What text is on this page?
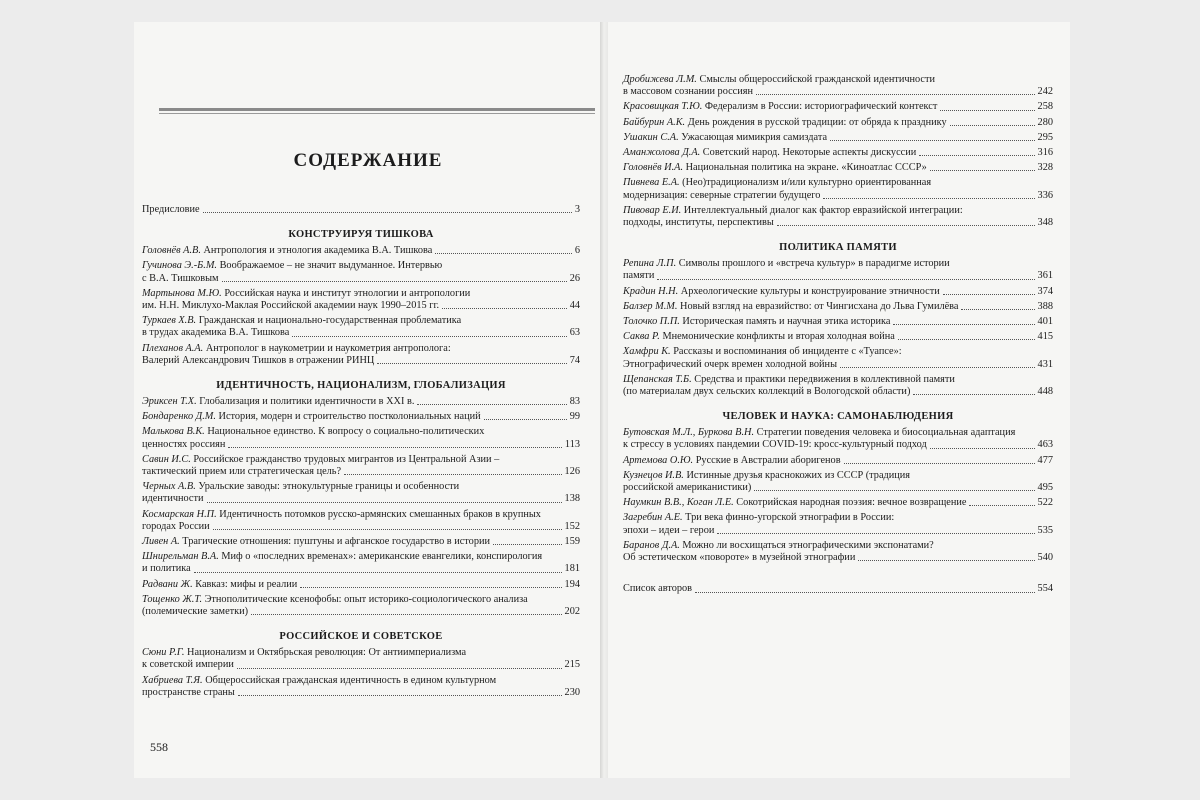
СОДЕРЖАНИЕ
Предисловие	3
КОНСТРУИРУЯ ТИШКОВА
Головнёв А.В. Антропология и этнология академика В.А. Тишкова	6
Гучинова Э.-Б.М. Воображаемое – не значит выдуманное. Интервью
с В.А. Тишковым	26
Мартынова М.Ю. Российская наука и институт этнологии и антропологии
им. Н.Н. Миклухо-Маклая Российской академии наук 1990–2015 гг.	44
Туркаев Х.В. Гражданская и национально-государственная проблематика
в трудах академика В.А. Тишкова	63
Плеханов А.А. Антрополог в наукометрии и наукометрия антрополога:
Валерий Александрович Тишков в отражении РИНЦ	74
ИДЕНТИЧНОСТЬ, НАЦИОНАЛИЗМ, ГЛОБАЛИЗАЦИЯ
Эриксен Т.Х. Глобализация и политики идентичности в XXI в.	83
Бондаренко Д.М. История, модерн и строительство постколониальных наций	99
Малькова В.К. Национальное единство. К вопросу о социально-политических
ценностях россиян	113
Савин И.С. Российское гражданство трудовых мигрантов из Центральной Азии –
тактический прием или стратегическая цель?	126
Черных А.В. Уральские заводы: этнокультурные границы и особенности
идентичности	138
Космарская Н.П. Идентичность потомков русско-армянских смешанных браков в крупных
городах России	152
Ливен А. Трагические отношения: пуштуны и афганское государство в истории	159
Шнирельман В.А. Миф о «последних временах»: американские евангелики, конспирология
и политика	181
Радвани Ж. Кавказ: мифы и реалии	194
Тощенко Ж.Т. Этнополитические ксенофобы: опыт историко-социологического анализа
(полемические заметки)	202
РОССИЙСКОЕ И СОВЕТСКОЕ
Сюни Р.Г. Национализм и Октябрьская революция: От антиимпериализма
к советской империи	215
Хабриева Т.Я. Общероссийская гражданская идентичность в едином культурном
пространстве страны	230
558
Дробижева Л.М. Смыслы общероссийской гражданской идентичности
в массовом сознании россиян	242
Красовицкая Т.Ю. Федерализм в России: историографический контекст	258
Байбурин А.К. День рождения в русской традиции: от обряда к празднику	280
Ушакин С.А. Ужасающая мимикрия самиздата	295
Аманжолова Д.А. Советский народ. Некоторые аспекты дискуссии	316
Головнёв И.А. Национальная политика на экране. «Киноатлас СССР»	328
Пивнева Е.А. (Нео)традиционализм и/или культурно ориентированная
модернизация: северные стратегии будущего	336
Пивовар Е.И. Интеллектуальный диалог как фактор евразийской интеграции:
подходы, институты, перспективы	348
ПОЛИТИКА ПАМЯТИ
Репина Л.П. Символы прошлого и «встреча культур» в парадигме истории
памяти	361
Крадин Н.Н. Археологические культуры и конструирование этничности	374
Балзер М.М. Новый взгляд на евразийство: от Чингисхана до Льва Гумилёва	388
Толочко П.П. Историческая память и научная этика историка	401
Саква Р. Мнемонические конфликты и вторая холодная война	415
Хамфри К. Рассказы и воспоминания об инциденте с «Туапсе»:
Этнографический очерк времен холодной войны	431
Щепанская Т.Б. Средства и практики передвижения в коллективной памяти
(по материалам двух сельских коллекций в Вологодской области)	448
ЧЕЛОВЕК И НАУКА: САМОНАБЛЮДЕНИЯ
Бутовская М.Л., Буркова В.Н. Стратегии поведения человека и биосоциальная адаптация
к стрессу в условиях пандемии COVID-19: кросс-культурный подход	463
Артемова О.Ю. Русские в Австралии аборигенов	477
Кузнецов И.В. Истинные друзья краснокожих из СССР (традиция
российской американистики)	495
Наумкин В.В., Коган Л.Е. Сокотрийская народная поэзия: вечное возвращение	522
Загребин А.Е. Три века финно-угорской этнографии в России:
эпохи – идеи – герои	535
Баранов Д.А. Можно ли восхищаться этнографическими экспонатами?
Об эстетическом «повороте» в музейной этнографии	540
Список авторов	554
